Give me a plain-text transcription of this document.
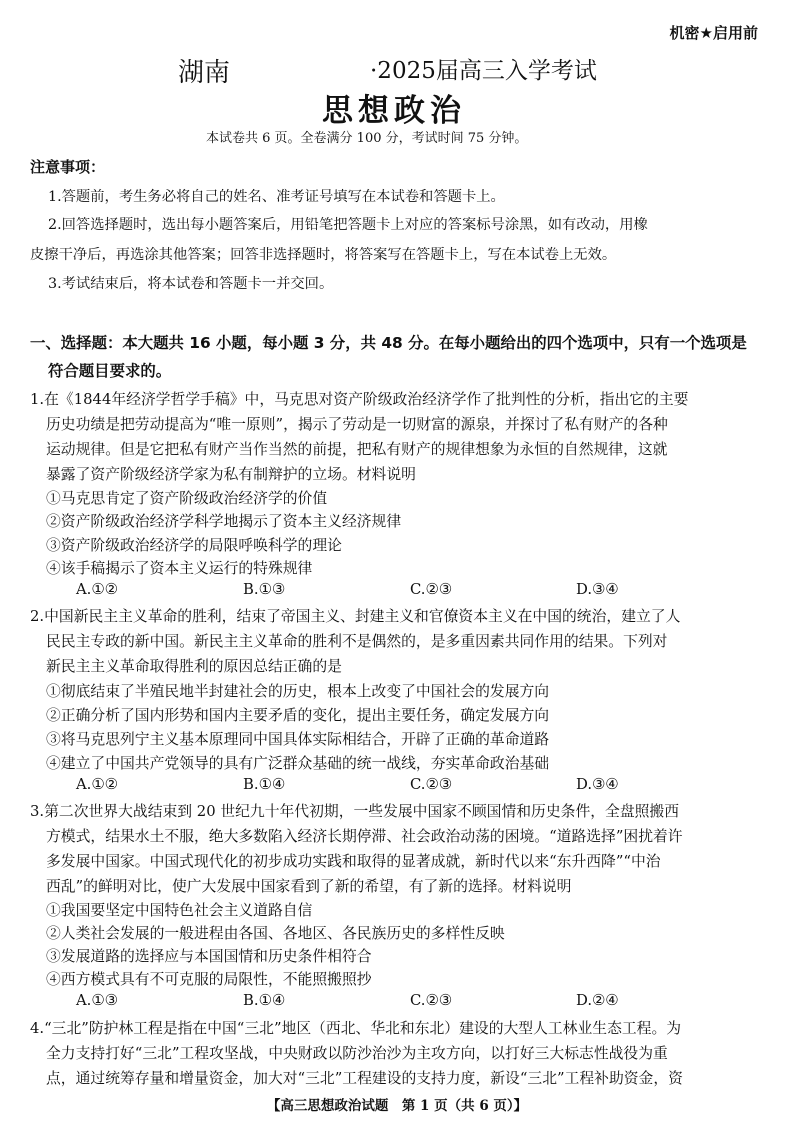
机密★启用前
湖南	·2025届高三入学考试
思想政治
本试卷共 6 页。全卷满分 100 分，考试时间 75 分钟。
注意事项：
1.答题前，考生务必将自己的姓名、准考证号填写在本试卷和答题卡上。
2.回答选择题时，选出每小题答案后，用铅笔把答题卡上对应的答案标号涂黑，如有改动，用橡
皮擦干净后，再选涂其他答案；回答非选择题时，将答案写在答题卡上，写在本试卷上无效。
3.考试结束后，将本试卷和答题卡一并交回。
一、选择题：本大题共 16 小题，每小题 3 分，共 48 分。在每小题给出的四个选项中，只有一个选项是
符合题目要求的。
1.在《1844年经济学哲学手稿》中，马克思对资产阶级政治经济学作了批判性的分析，指出它的主要
历史功绩是把劳动提高为“唯一原则”，揭示了劳动是一切财富的源泉，并探讨了私有财产的各种
运动规律。但是它把私有财产当作当然的前提，把私有财产的规律想象为永恒的自然规律，这就
暴露了资产阶级经济学家为私有制辩护的立场。材料说明
①马克思肯定了资产阶级政治经济学的价值
②资产阶级政治经济学科学地揭示了资本主义经济规律
③资产阶级政治经济学的局限呼唤科学的理论
④该手稿揭示了资本主义运行的特殊规律
A.①②	B.①③	C.②③	D.③④
2.中国新民主主义革命的胜利，结束了帝国主义、封建主义和官僚资本主义在中国的统治，建立了人
民民主专政的新中国。新民主主义革命的胜利不是偶然的，是多重因素共同作用的结果。下列对
新民主主义革命取得胜利的原因总结正确的是
①彻底结束了半殖民地半封建社会的历史，根本上改变了中国社会的发展方向
②正确分析了国内形势和国内主要矛盾的变化，提出主要任务，确定发展方向
③将马克思列宁主义基本原理同中国具体实际相结合，开辟了正确的革命道路
④建立了中国共产党领导的具有广泛群众基础的统一战线，夯实革命政治基础
A.①②	B.①④	C.②③	D.③④
3.第二次世界大战结束到 20 世纪九十年代初期，一些发展中国家不顾国情和历史条件，全盘照搬西
方模式，结果水土不服，绝大多数陷入经济长期停滞、社会政治动荡的困境。“道路选择”困扰着许
多发展中国家。中国式现代化的初步成功实践和取得的显著成就，新时代以来“东升西降”“中治
西乱”的鲜明对比，使广大发展中国家看到了新的希望，有了新的选择。材料说明
①我国要坚定中国特色社会主义道路自信
②人类社会发展的一般进程由各国、各地区、各民族历史的多样性反映
③发展道路的选择应与本国国情和历史条件相符合
④西方模式具有不可克服的局限性，不能照搬照抄
A.①③	B.①④	C.②③	D.②④
4.“三北”防护林工程是指在中国“三北”地区（西北、华北和东北）建设的大型人工林业生态工程。为
全力支持打好“三北”工程攻坚战，中央财政以防沙治沙为主攻方向，以打好三大标志性战役为重
点，通过统筹存量和增量资金，加大对“三北”工程建设的支持力度，新设“三北”工程补助资金，资
【高三思想政治试题　第 1 页（共 6 页）】
